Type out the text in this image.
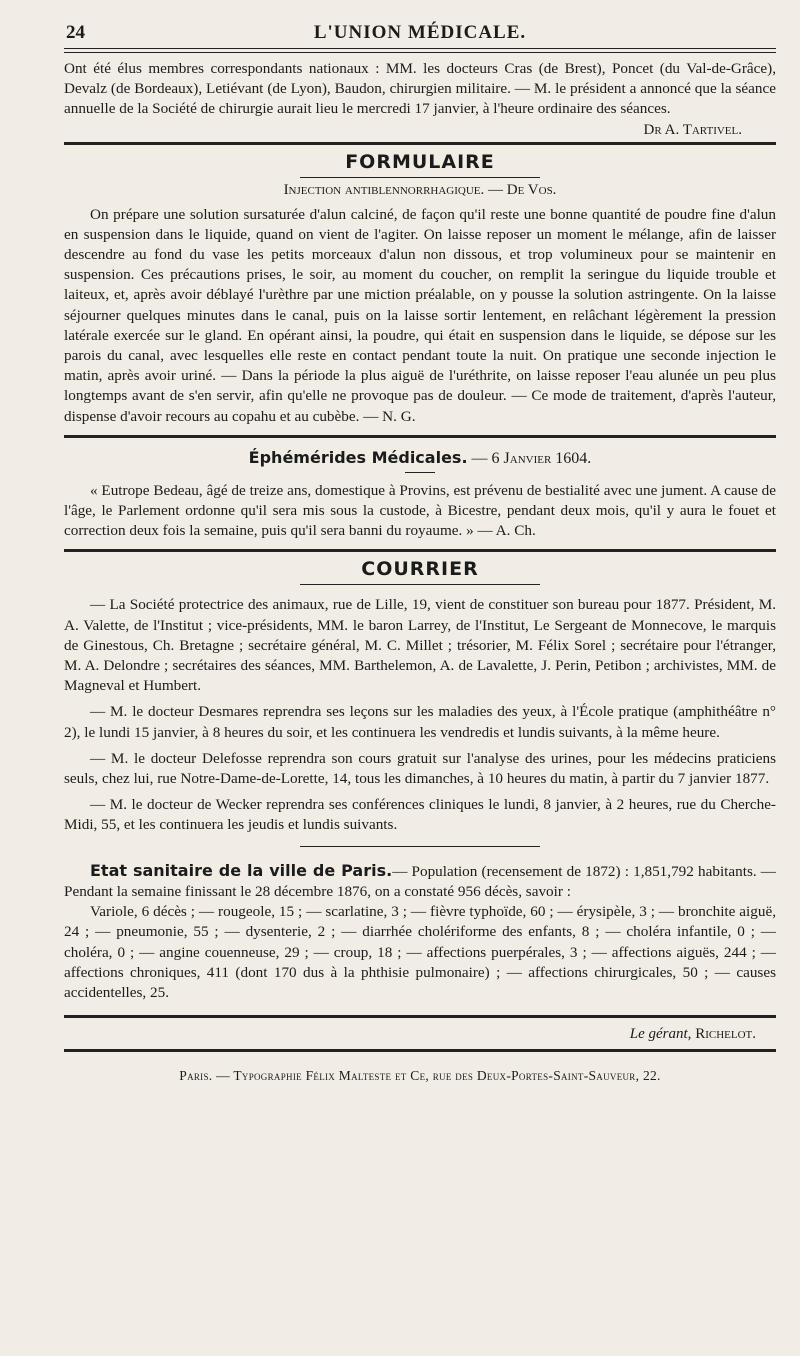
24	L'UNION MÉDICALE.

Ont été élus membres correspondants nationaux : MM. les docteurs Cras (de Brest), Poncet (du Val-de-Grâce), Devalz (de Bordeaux), Letiévant (de Lyon), Baudon, chirurgien militaire. — M. le président a annoncé que la séance annuelle de la Société de chirurgie aurait lieu le mercredi 17 janvier, à l'heure ordinaire des séances.

Dr A. Tartivel.

FORMULAIRE
Injection antiblennorrhagique. — De Vos.

On prépare une solution sursaturée d'alun calciné, de façon qu'il reste une bonne quantité de poudre fine d'alun en suspension dans le liquide, quand on vient de l'agiter. On laisse reposer un moment le mélange, afin de laisser descendre au fond du vase les petits morceaux d'alun non dissous, et trop volumineux pour se maintenir en suspension. Ces précautions prises, le soir, au moment du coucher, on remplit la seringue du liquide trouble et laiteux, et, après avoir déblayé l'urèthre par une miction préalable, on y pousse la solution astringente. On la laisse séjourner quelques minutes dans le canal, puis on la laisse sortir lentement, en relâchant légèrement la pression latérale exercée sur le gland. En opérant ainsi, la poudre, qui était en suspension dans le liquide, se dépose sur les parois du canal, avec lesquelles elle reste en contact pendant toute la nuit. On pratique une seconde injection le matin, après avoir uriné. — Dans la période la plus aiguë de l'uréthrite, on laisse reposer l'eau alunée un peu plus longtemps avant de s'en servir, afin qu'elle ne provoque pas de douleur. — Ce mode de traitement, d'après l'auteur, dispense d'avoir recours au copahu et au cubèbe. — N. G.

Éphémérides Médicales. — 6 Janvier 1604.

« Eutrope Bedeau, âgé de treize ans, domestique à Provins, est prévenu de bestialité avec une jument. A cause de l'âge, le Parlement ordonne qu'il sera mis sous la custode, à Bicestre, pendant deux mois, qu'il y aura le fouet et correction deux fois la semaine, puis qu'il sera banni du royaume. » — A. Ch.

COURRIER

— La Société protectrice des animaux, rue de Lille, 19, vient de constituer son bureau pour 1877. Président, M. A. Valette, de l'Institut ; vice-présidents, MM. le baron Larrey, de l'Institut, Le Sergeant de Monnecove, le marquis de Ginestous, Ch. Bretagne ; secrétaire général, M. C. Millet ; trésorier, M. Félix Sorel ; secrétaire pour l'étranger, M. A. Delondre ; secrétaires des séances, MM. Barthelemon, A. de Lavalette, J. Perin, Petibon ; archivistes, MM. de Magneval et Humbert.

— M. le docteur Desmares reprendra ses leçons sur les maladies des yeux, à l'École pratique (amphithéâtre n° 2), le lundi 15 janvier, à 8 heures du soir, et les continuera les vendredis et lundis suivants, à la même heure.

— M. le docteur Delefosse reprendra son cours gratuit sur l'analyse des urines, pour les médecins praticiens seuls, chez lui, rue Notre-Dame-de-Lorette, 14, tous les dimanches, à 10 heures du matin, à partir du 7 janvier 1877.

— M. le docteur de Wecker reprendra ses conférences cliniques le lundi, 8 janvier, à 2 heures, rue du Cherche-Midi, 55, et les continuera les jeudis et lundis suivants.

Etat sanitaire de la ville de Paris.— Population (recensement de 1872) : 1,851,792 habitants. — Pendant la semaine finissant le 28 décembre 1876, on a constaté 956 décès, savoir :

Variole, 6 décès ; — rougeole, 15 ; — scarlatine, 3 ; — fièvre typhoïde, 60 ; — érysipèle, 3 ; — bronchite aiguë, 24 ; — pneumonie, 55 ; — dysenterie, 2 ; — diarrhée cholériforme des enfants, 8 ; — choléra infantile, 0 ; — choléra, 0 ; — angine couenneuse, 29 ; — croup, 18 ; — affections puerpérales, 3 ; — affections aiguës, 244 ; — affections chroniques, 411 (dont 170 dus à la phthisie pulmonaire) ; — affections chirurgicales, 50 ; — causes accidentelles, 25.

Le gérant, Richelot.
Paris. — Typographie Félix Malteste et Ce, rue des Deux-Portes-Saint-Sauveur, 22.
